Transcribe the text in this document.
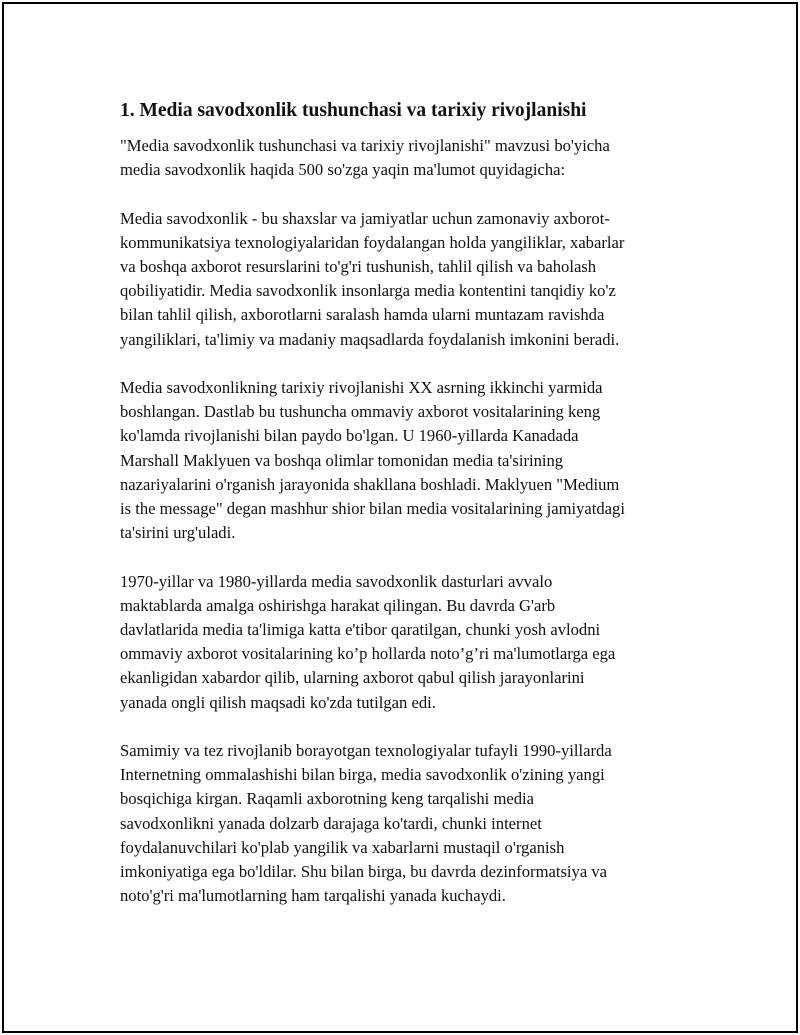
1. Media savodxonlik tushunchasi va tarixiy rivojlanishi

"Media savodxonlik tushunchasi va tarixiy rivojlanishi" mavzusi bo'yicha
media savodxonlik haqida 500 so'zga yaqin ma'lumot quyidagicha:

Media savodxonlik - bu shaxslar va jamiyatlar uchun zamonaviy axborot-
kommunikatsiya texnologiyalaridan foydalangan holda yangiliklar, xabarlar
va boshqa axborot resurslarini to'g'ri tushunish, tahlil qilish va baholash
qobiliyatidir. Media savodxonlik insonlarga media kontentini tanqidiy ko'z
bilan tahlil qilish, axborotlarni saralash hamda ularni muntazam ravishda
yangiliklari, ta'limiy va madaniy maqsadlarda foydalanish imkonini beradi.

Media savodxonlikning tarixiy rivojlanishi XX asrning ikkinchi yarmida
boshlangan. Dastlab bu tushuncha ommaviy axborot vositalarining keng
ko'lamda rivojlanishi bilan paydo bo'lgan. U 1960-yillarda Kanadada
Marshall Maklyuen va boshqa olimlar tomonidan media ta'sirining
nazariyalarini o'rganish jarayonida shakllana boshladi. Maklyuen "Medium
is the message" degan mashhur shior bilan media vositalarining jamiyatdagi
ta'sirini urg'uladi.

1970-yillar va 1980-yillarda media savodxonlik dasturlari avvalo
maktablarda amalga oshirishga harakat qilingan. Bu davrda G'arb
davlatlarida media ta'limiga katta e'tibor qaratilgan, chunki yosh avlodni
ommaviy axborot vositalarining ko’p hollarda noto’g’ri ma'lumotlarga ega
ekanligidan xabardor qilib, ularning axborot qabul qilish jarayonlarini
yanada ongli qilish maqsadi ko'zda tutilgan edi.

Samimiy va tez rivojlanib borayotgan texnologiyalar tufayli 1990-yillarda
Internetning ommalashishi bilan birga, media savodxonlik o'zining yangi
bosqichiga kirgan. Raqamli axborotning keng tarqalishi media
savodxonlikni yanada dolzarb darajaga ko'tardi, chunki internet
foydalanuvchilari ko'plab yangilik va xabarlarni mustaqil o'rganish
imkoniyatiga ega bo'ldilar. Shu bilan birga, bu davrda dezinformatsiya va
noto'g'ri ma'lumotlarning ham tarqalishi yanada kuchaydi.
